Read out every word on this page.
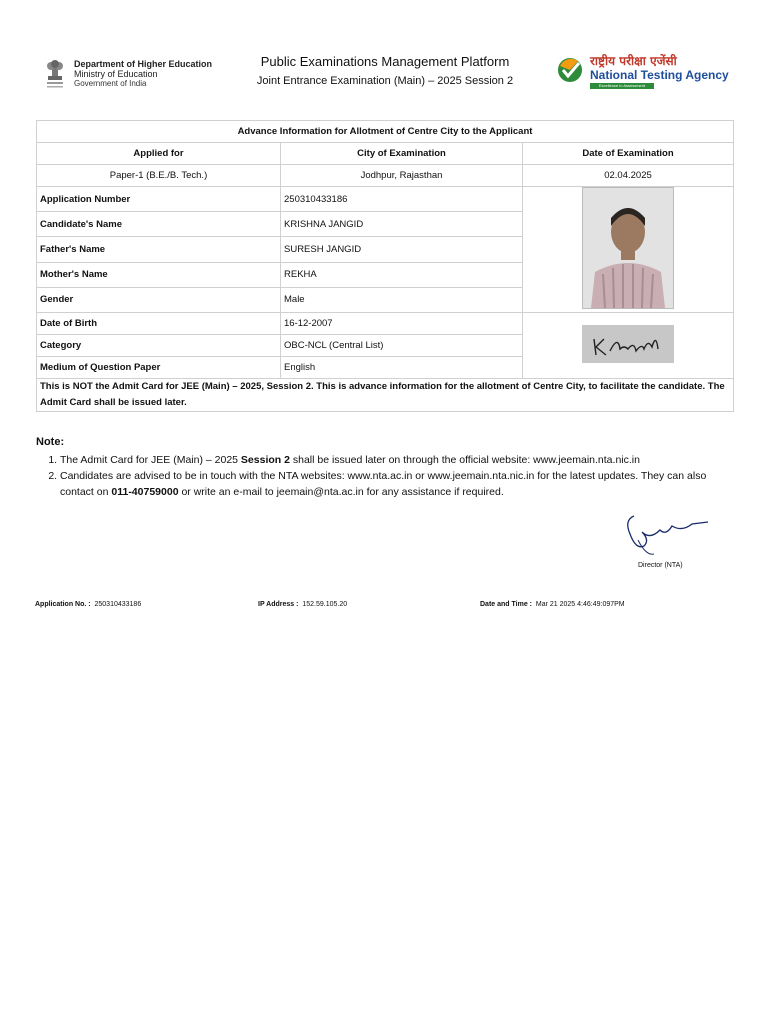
Department of Higher Education
Ministry of Education
Government of India
Public Examinations Management Platform
Joint Entrance Examination (Main) – 2025 Session 2
राष्ट्रीय परीक्षा एजेंसी
National Testing Agency
Excellence in Assessment
Advance Information for Allotment of Centre City to the Applicant		
Applied for	City of Examination	Date of Examination
Paper-1 (B.E./B. Tech.)	Jodhpur, Rajasthan	02.04.2025
Application Number	250310433186	
Candidate's Name	KRISHNA JANGID	
Father's Name	SURESH JANGID	
Mother's Name	REKHA	
Gender	Male	
Date of Birth	16-12-2007	
Category	OBC-NCL (Central List)	
Medium of Question Paper	English	
This is NOT the Admit Card for JEE (Main) – 2025, Session 2. This is advance information for the allotment of Centre City, to facilitate the candidate. The Admit Card shall be issued later.		
Note:
1. The Admit Card for JEE (Main) – 2025 Session 2 shall be issued later on through the official website: www.jeemain.nta.nic.in
2. Candidates are advised to be in touch with the NTA websites: www.nta.ac.in or www.jeemain.nta.nic.in for the latest updates. They can also contact on 011-40759000 or write an e-mail to jeemain@nta.ac.in for any assistance if required.
Director (NTA)
Application No. : 250310433186	IP Address : 152.59.105.20	Date and Time : Mar 21 2025 4:46:49:097PM
